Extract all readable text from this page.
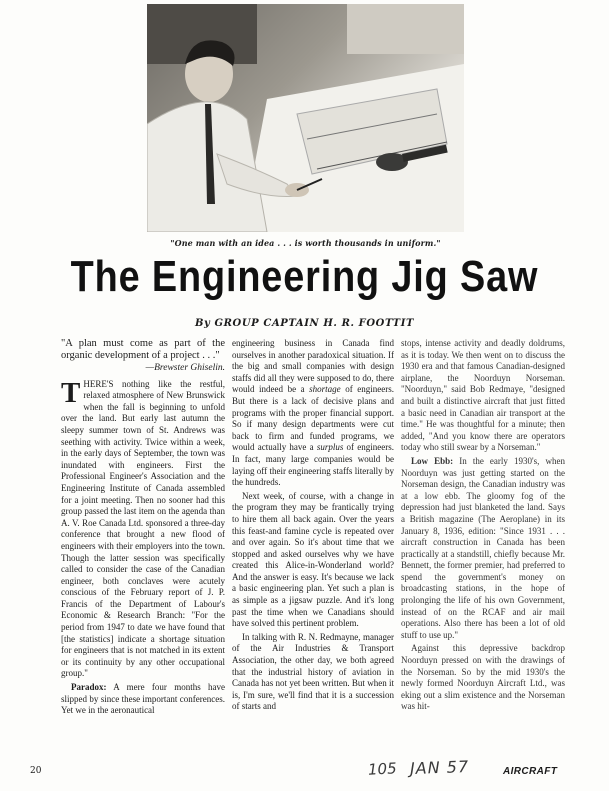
"One man with an idea . . . is worth thousands in uniform."
The Engineering Jig Saw
By GROUP CAPTAIN H. R. FOOTTIT
"A plan must come as part of the organic development of a project . . ."
—Brewster Ghiselin.

THERE'S nothing like the restful, relaxed atmosphere of New Brunswick when the fall is beginning to unfold over the land. But early last autumn the sleepy summer town of St. Andrews was seething with activity. Twice within a week, in the early days of September, the town was inundated with engineers. First the Professional Engineer's Association and the Engineering Institute of Canada assembled for a joint meeting. Then no sooner had this group passed the last item on the agenda than A. V. Roe Canada Ltd. sponsored a three-day conference that brought a new flood of engineers with their employers into the town. Though the latter session was specifically called to consider the case of the Canadian engineer, both conclaves were acutely conscious of the February report of J. P. Francis of the Department of Labour's Economic & Research Branch: "For the period from 1947 to date we have found that [the statistics] indicate a shortage situation for engineers that is not matched in its extent or its continuity by any other occupational group."

Paradox: A mere four months have slipped by since these important conferences. Yet we in the aeronautical

engineering business in Canada find ourselves in another paradoxical situation. If the big and small companies with design staffs did all they were supposed to do, there would indeed be a shortage of engineers. But there is a lack of decisive plans and programs with the proper financial support. So if many design departments were cut back to firm and funded programs, we would actually have a surplus of engineers. In fact, many large companies would be laying off their engineering staffs literally by the hundreds.

Next week, of course, with a change in the program they may be frantically trying to hire them all back again. Over the years this feast-and famine cycle is repeated over and over again. So it's about time that we stopped and asked ourselves why we have created this Alice-in-Wonderland world? And the answer is easy. It's because we lack a basic engineering plan. Yet such a plan is as simple as a jigsaw puzzle. And it's long past the time when we Canadians should have solved this pertinent problem.

In talking with R. N. Redmayne, manager of the Air Industries & Transport Association, the other day, we both agreed that the industrial history of aviation in Canada has not yet been written. But when it is, I'm sure, we'll find that it is a succession of starts and

stops, intense activity and deadly doldrums, as it is today. We then went on to discuss the 1930 era and that famous Canadian-designed airplane, the Noorduyn Norseman. "Noorduyn," said Bob Redmaye, "designed and built a distinctive aircraft that just fitted a basic need in Canadian air transport at the time." He was thoughtful for a minute; then added, "And you know there are operators today who still swear by a Norseman."

Low Ebb: In the early 1930's, when Noorduyn was just getting started on the Norseman design, the Canadian industry was at a low ebb. The gloomy fog of the depression had just blanketed the land. Says a British magazine (The Aeroplane) in its January 8, 1936, edition: "Since 1931 . . . aircraft construction in Canada has been practically at a standstill, chiefly because Mr. Bennett, the former premier, had preferred to spend the government's money on broadcasting stations, in the hope of prolonging the life of his own Government, instead of on the RCAF and air mail operations. Also there has been a lot of old stuff to use up."

Against this depressive backdrop Noorduyn pressed on with the drawings of the Norseman. So by the mid 1930's the newly formed Noorduyn Aircraft Ltd., was eking out a slim existence and the Norseman was hit-

20	105 JAN 57	AIRCRAFT
